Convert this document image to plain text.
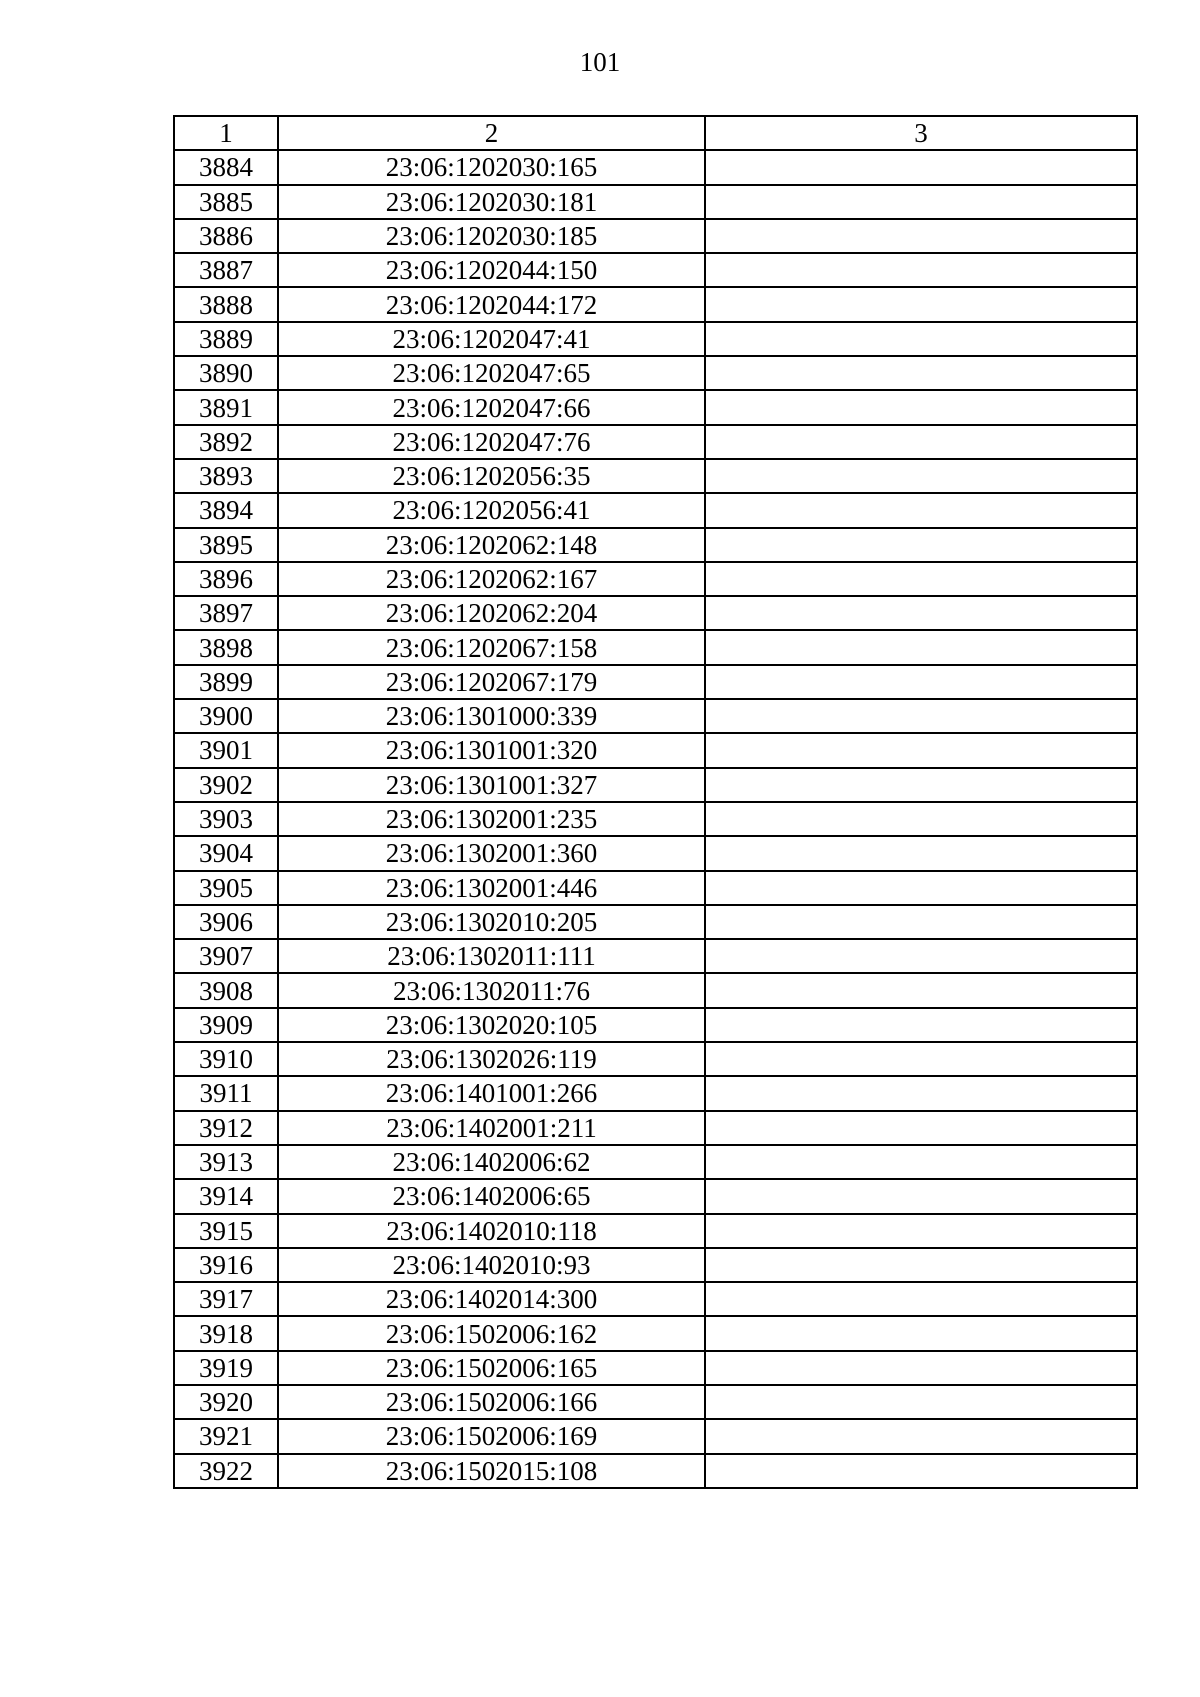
101
1	2	3
3884	23:06:1202030:165	
3885	23:06:1202030:181	
3886	23:06:1202030:185	
3887	23:06:1202044:150	
3888	23:06:1202044:172	
3889	23:06:1202047:41	
3890	23:06:1202047:65	
3891	23:06:1202047:66	
3892	23:06:1202047:76	
3893	23:06:1202056:35	
3894	23:06:1202056:41	
3895	23:06:1202062:148	
3896	23:06:1202062:167	
3897	23:06:1202062:204	
3898	23:06:1202067:158	
3899	23:06:1202067:179	
3900	23:06:1301000:339	
3901	23:06:1301001:320	
3902	23:06:1301001:327	
3903	23:06:1302001:235	
3904	23:06:1302001:360	
3905	23:06:1302001:446	
3906	23:06:1302010:205	
3907	23:06:1302011:111	
3908	23:06:1302011:76	
3909	23:06:1302020:105	
3910	23:06:1302026:119	
3911	23:06:1401001:266	
3912	23:06:1402001:211	
3913	23:06:1402006:62	
3914	23:06:1402006:65	
3915	23:06:1402010:118	
3916	23:06:1402010:93	
3917	23:06:1402014:300	
3918	23:06:1502006:162	
3919	23:06:1502006:165	
3920	23:06:1502006:166	
3921	23:06:1502006:169	
3922	23:06:1502015:108	
